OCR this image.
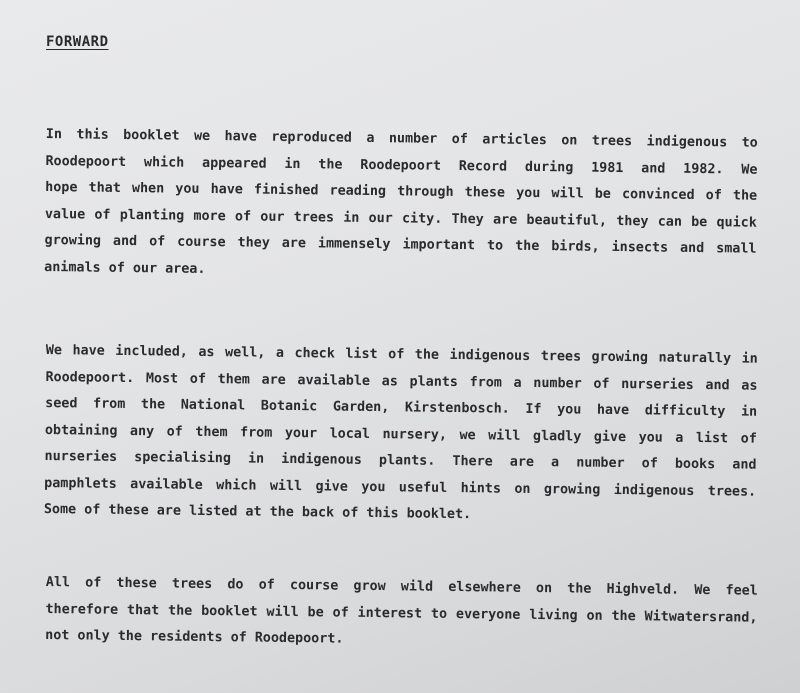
FORWARD
In this booklet we have reproduced a number of articles on trees indigenous to
Roodepoort which appeared in the Roodepoort Record during 1981 and 1982. We
hope that when you have finished reading through these you will be convinced of the
value of planting more of our trees in our city. They are beautiful, they can be quick
growing and of course they are immensely important to the birds, insects and small
animals of our area.
We have included, as well, a check list of the indigenous trees growing naturally in
Roodepoort. Most of them are available as plants from a number of nurseries and as
seed from the National Botanic Garden, Kirstenbosch. If you have difficulty in
obtaining any of them from your local nursery, we will gladly give you a list of
nurseries specialising in indigenous plants. There are a number of books and
pamphlets available which will give you useful hints on growing indigenous trees.
Some of these are listed at the back of this booklet.
All of these trees do of course grow wild elsewhere on the Highveld. We feel
therefore that the booklet will be of interest to everyone living on the Witwatersrand,
not only the residents of Roodepoort.
